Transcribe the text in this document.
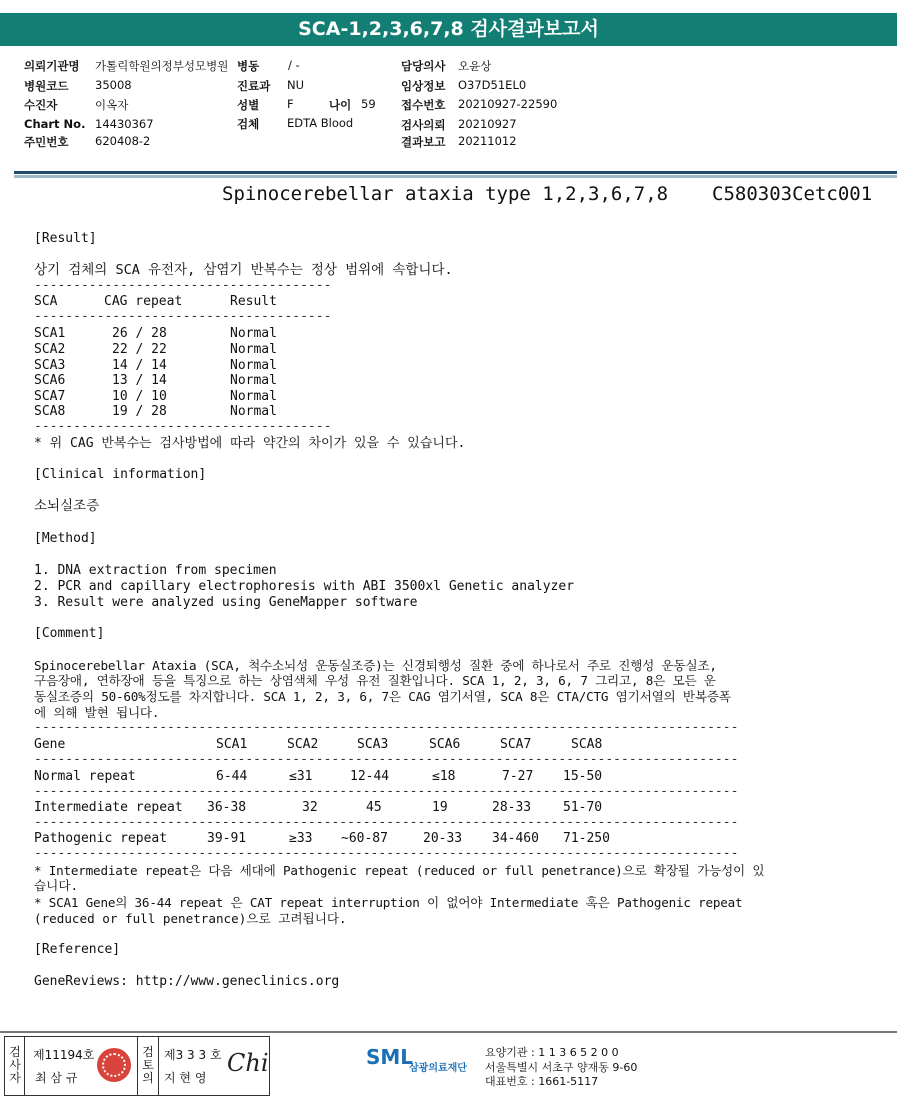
SCA-1,2,3,6,7,8 검사결과보고서
의뢰기관명 가톨릭학원의정부성모병원
병원코드 35008
수진자	이옥자
Chart No. 14430367
주민번호 620408-2
병동	/ -
진료과 NU
성별 F	나이 59
검체 EDTA Blood
담당의사 오윤상
임상정보 O37D51EL0
접수번호 20210927-22590
검사의뢰 20210927
결과보고 20211012
Spinocerebellar ataxia type 1,2,3,6,7,8 C580303Cetc001
[Result]
상기 검체의 SCA 유전자, 삼염기 반복수는 정상 범위에 속합니다.
--------------------------------------
SCA	CAG repeat	Result
--------------------------------------
SCA1	26 / 28	Normal
SCA2	22 / 22	Normal
SCA3	14 / 14	Normal
SCA6	13 / 14	Normal
SCA7	10 / 10	Normal
SCA8	19 / 28	Normal
--------------------------------------
* 위 CAG 반복수는 검사방법에 따라 약간의 차이가 있을 수 있습니다.
[Clinical information]
소뇌실조증
[Method]
1. DNA extraction from specimen
2. PCR and capillary electrophoresis with ABI 3500xl Genetic analyzer
3. Result were analyzed using GeneMapper software
[Comment]
Spinocerebellar Ataxia (SCA, 척수소뇌성 운동실조증)는 신경퇴행성 질환 중에 하나로서 주로 진행성 운동실조,
구음장애, 연하장애 등을 특징으로 하는 상염색체 우성 유전 질환입니다. SCA 1, 2, 3, 6, 7 그리고, 8은 모든 운
동실조증의 50-60%정도를 차지합니다. SCA 1, 2, 3, 6, 7은 CAG 염기서열, SCA 8은 CTA/CTG 염기서열의 반복증폭
에 의해 발현 됩니다.
------------------------------------------------------------------------------------------
Gene	SCA1	SCA2	SCA3	SCA6	SCA7	SCA8
------------------------------------------------------------------------------------------
Normal repeat	6-44	≤31	12-44	≤18	7-27 15-50
------------------------------------------------------------------------------------------
Intermediate repeat 36-38	32	45	19	28-33 51-70
------------------------------------------------------------------------------------------
Pathogenic repeat	39-91	≥33 ~60-87	20-33 34-460 71-250
------------------------------------------------------------------------------------------
* Intermediate repeat은 다음 세대에 Pathogenic repeat (reduced or full penetrance)으로 확장될 가능성이 있
습니다.
* SCA1 Gene의 36-44 repeat 은 CAT repeat interruption 이 없어야 Intermediate 혹은 Pathogenic repeat
(reduced or full penetrance)으로 고려됩니다.
[Reference]
GeneReviews: http://www.geneclinics.org
검
사
자
제11194호
최 삼 규
검
토
의
제3 3 3 호
지 현 영
Chi	SML
삼광의료재단
요양기관 : 1 1 3 6 5 2 0 0
서울특별시 서초구 양재동 9-60
대표번호 : 1661-5117
